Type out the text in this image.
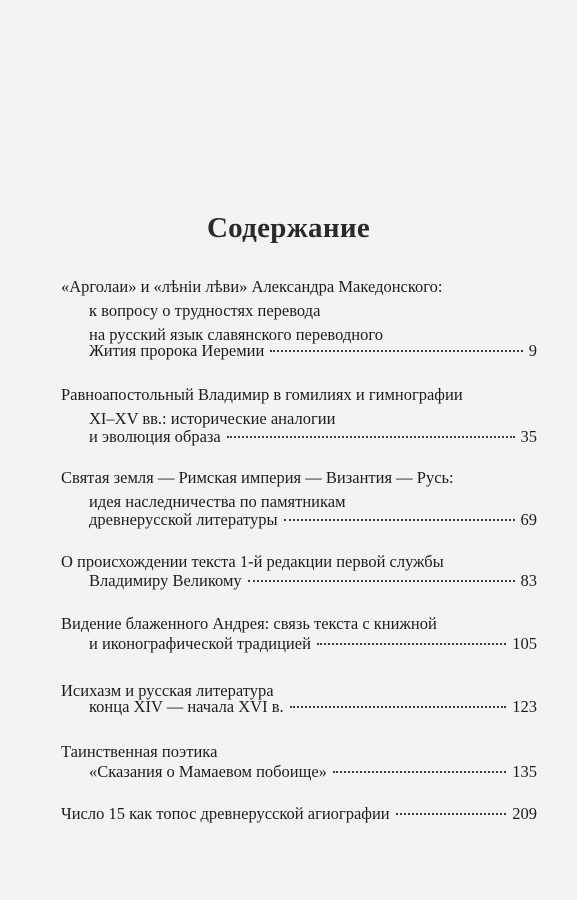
Содержание
«Арголаи» и «лѣнiи лѣви» Александра Македонского:
к вопросу о трудностях перевода
на русский язык славянского переводного
Жития пророка Иеремии	9
Равноапостольный Владимир в гомилиях и гимнографии
XI–XV вв.: исторические аналогии
и эволюция образа	35
Святая земля — Римская империя — Византия — Русь:
идея наследничества по памятникам
древнерусской литературы	69
О происхождении текста 1-й редакции первой службы
Владимиру Великому	83
Видение блаженного Андрея: связь текста с книжной
и иконографической традицией	105
Исихазм и русская литература
конца XIV — начала XVI в.	123
Таинственная поэтика
«Сказания о Мамаевом побоище»	135
Число 15 как топос древнерусской агиографии	209
